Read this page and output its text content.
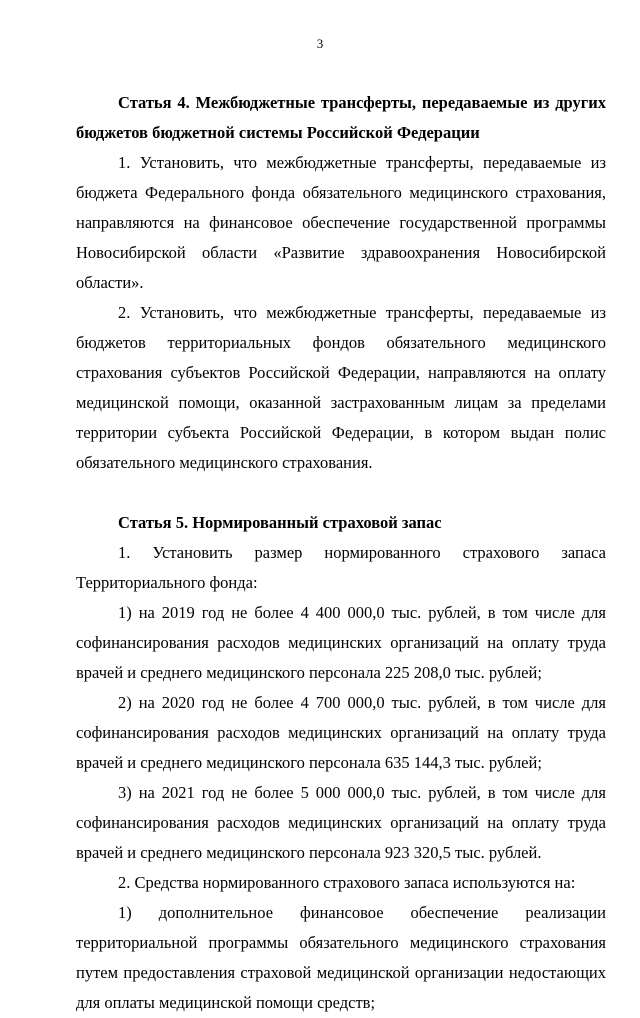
3
Статья 4. Межбюджетные трансферты, передаваемые из других бюджетов бюджетной системы Российской Федерации
1. Установить, что межбюджетные трансферты, передаваемые из бюджета Федерального фонда обязательного медицинского страхования, направляются на финансовое обеспечение государственной программы Новосибирской области «Развитие здравоохранения Новосибирской области».
2. Установить, что межбюджетные трансферты, передаваемые из бюджетов территориальных фондов обязательного медицинского страхования субъектов Российской Федерации, направляются на оплату медицинской помощи, оказанной застрахованным лицам за пределами территории субъекта Российской Федерации, в котором выдан полис обязательного медицинского страхования.
Статья 5. Нормированный страховой запас
1. Установить размер нормированного страхового запаса Территориального фонда:
1) на 2019 год не более 4 400 000,0 тыс. рублей, в том числе для софинансирования расходов медицинских организаций на оплату труда врачей и среднего медицинского персонала 225 208,0 тыс. рублей;
2) на 2020 год не более 4 700 000,0 тыс. рублей, в том числе для софинансирования расходов медицинских организаций на оплату труда врачей и среднего медицинского персонала 635 144,3 тыс. рублей;
3) на 2021 год не более 5 000 000,0 тыс. рублей, в том числе для софинансирования расходов медицинских организаций на оплату труда врачей и среднего медицинского персонала 923 320,5 тыс. рублей.
2. Средства нормированного страхового запаса используются на:
1) дополнительное финансовое обеспечение реализации территориальной программы обязательного медицинского страхования путем предоставления страховой медицинской организации недостающих для оплаты медицинской помощи средств;
